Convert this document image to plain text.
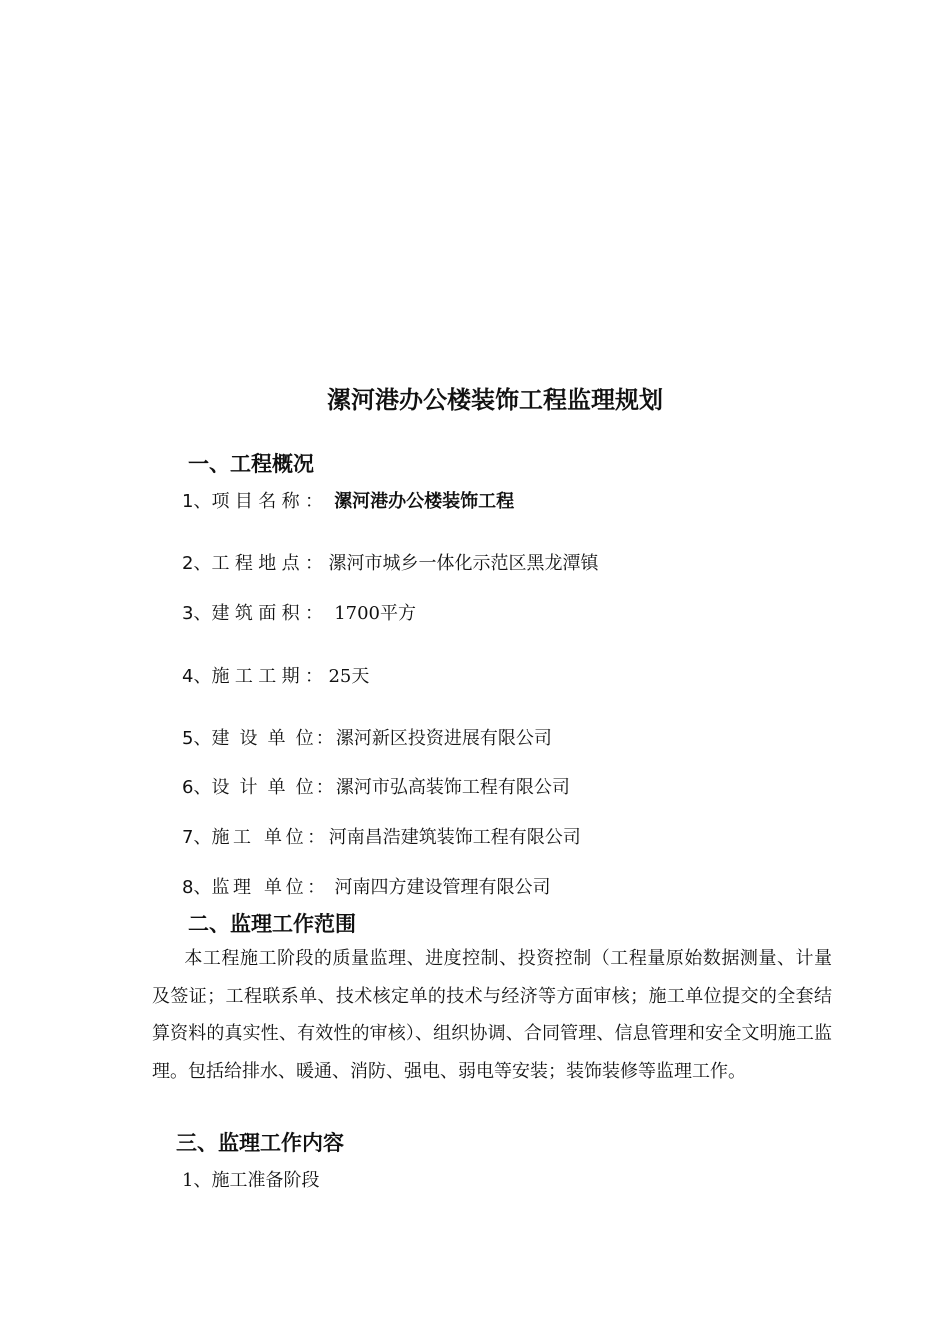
漯河港办公楼装饰工程监理规划
一、工程概况
1、项目名称： 漯河港办公楼装饰工程
2、工程地点：漯河市城乡一体化示范区黑龙潭镇
3、建筑面积： 1700平方
4、施工工期：25天
5、建 设 单 位：漯河新区投资进展有限公司
6、设 计 单 位：漯河市弘高装饰工程有限公司
7、施工 单位：河南昌浩建筑装饰工程有限公司
8、监理 单位： 河南四方建设管理有限公司
二、监理工作范围
本工程施工阶段的质量监理、进度控制、投资控制（工程量原始数据测量、计量及签证；工程联系单、技术核定单的技术与经济等方面审核；施工单位提交的全套结算资料的真实性、有效性的审核）、组织协调、合同管理、信息管理和安全文明施工监理。包括给排水、暖通、消防、强电、弱电等安装；装饰装修等监理工作。
三、监理工作内容
1、施工准备阶段
